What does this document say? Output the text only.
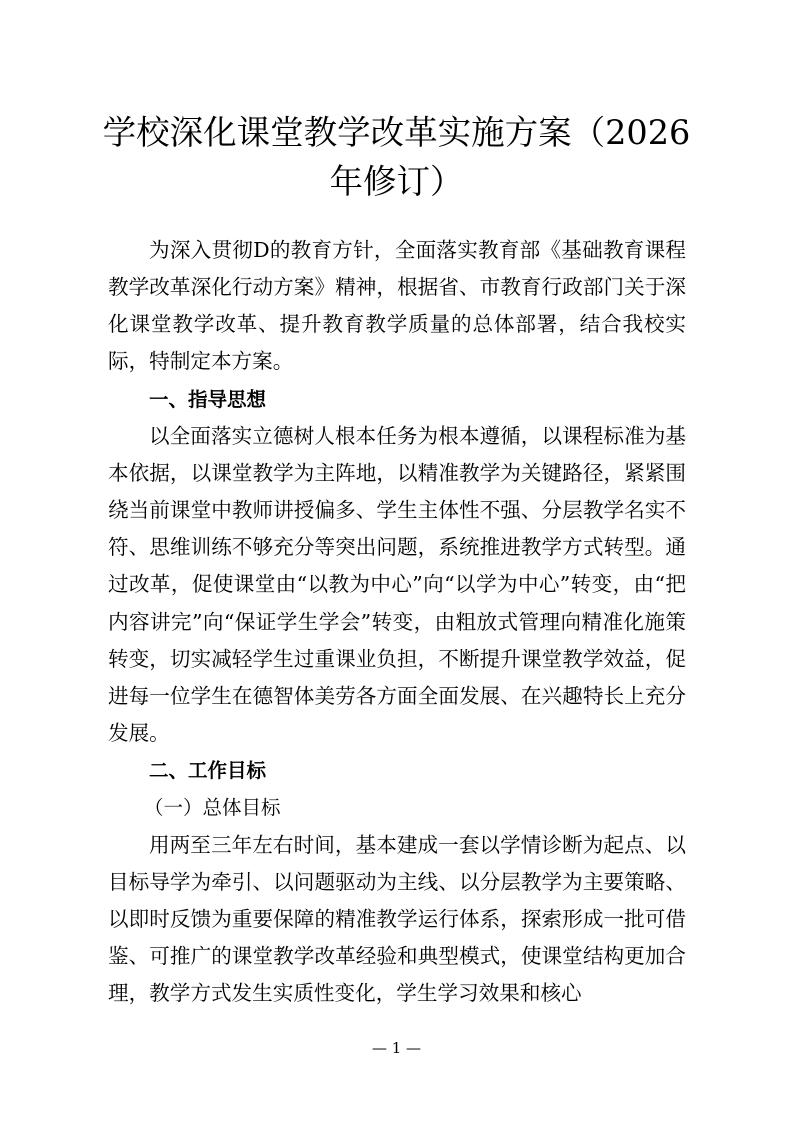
学校深化课堂教学改革实施方案（2026年修订）

为深入贯彻D的教育方针，全面落实教育部《基础教育课程教学改革深化行动方案》精神，根据省、市教育行政部门关于深化课堂教学改革、提升教育教学质量的总体部署，结合我校实际，特制定本方案。

一、指导思想

以全面落实立德树人根本任务为根本遵循，以课程标准为基本依据，以课堂教学为主阵地，以精准教学为关键路径，紧紧围绕当前课堂中教师讲授偏多、学生主体性不强、分层教学名实不符、思维训练不够充分等突出问题，系统推进教学方式转型。通过改革，促使课堂由“以教为中心”向“以学为中心”转变，由“把内容讲完”向“保证学生学会”转变，由粗放式管理向精准化施策转变，切实减轻学生过重课业负担，不断提升课堂教学效益，促进每一位学生在德智体美劳各方面全面发展、在兴趣特长上充分发展。

二、工作目标
（一）总体目标

用两至三年左右时间，基本建成一套以学情诊断为起点、以目标导学为牵引、以问题驱动为主线、以分层教学为主要策略、以即时反馈为重要保障的精准教学运行体系，探索形成一批可借鉴、可推广的课堂教学改革经验和典型模式，使课堂结构更加合理，教学方式发生实质性变化，学生学习效果和核心

— 1 —
